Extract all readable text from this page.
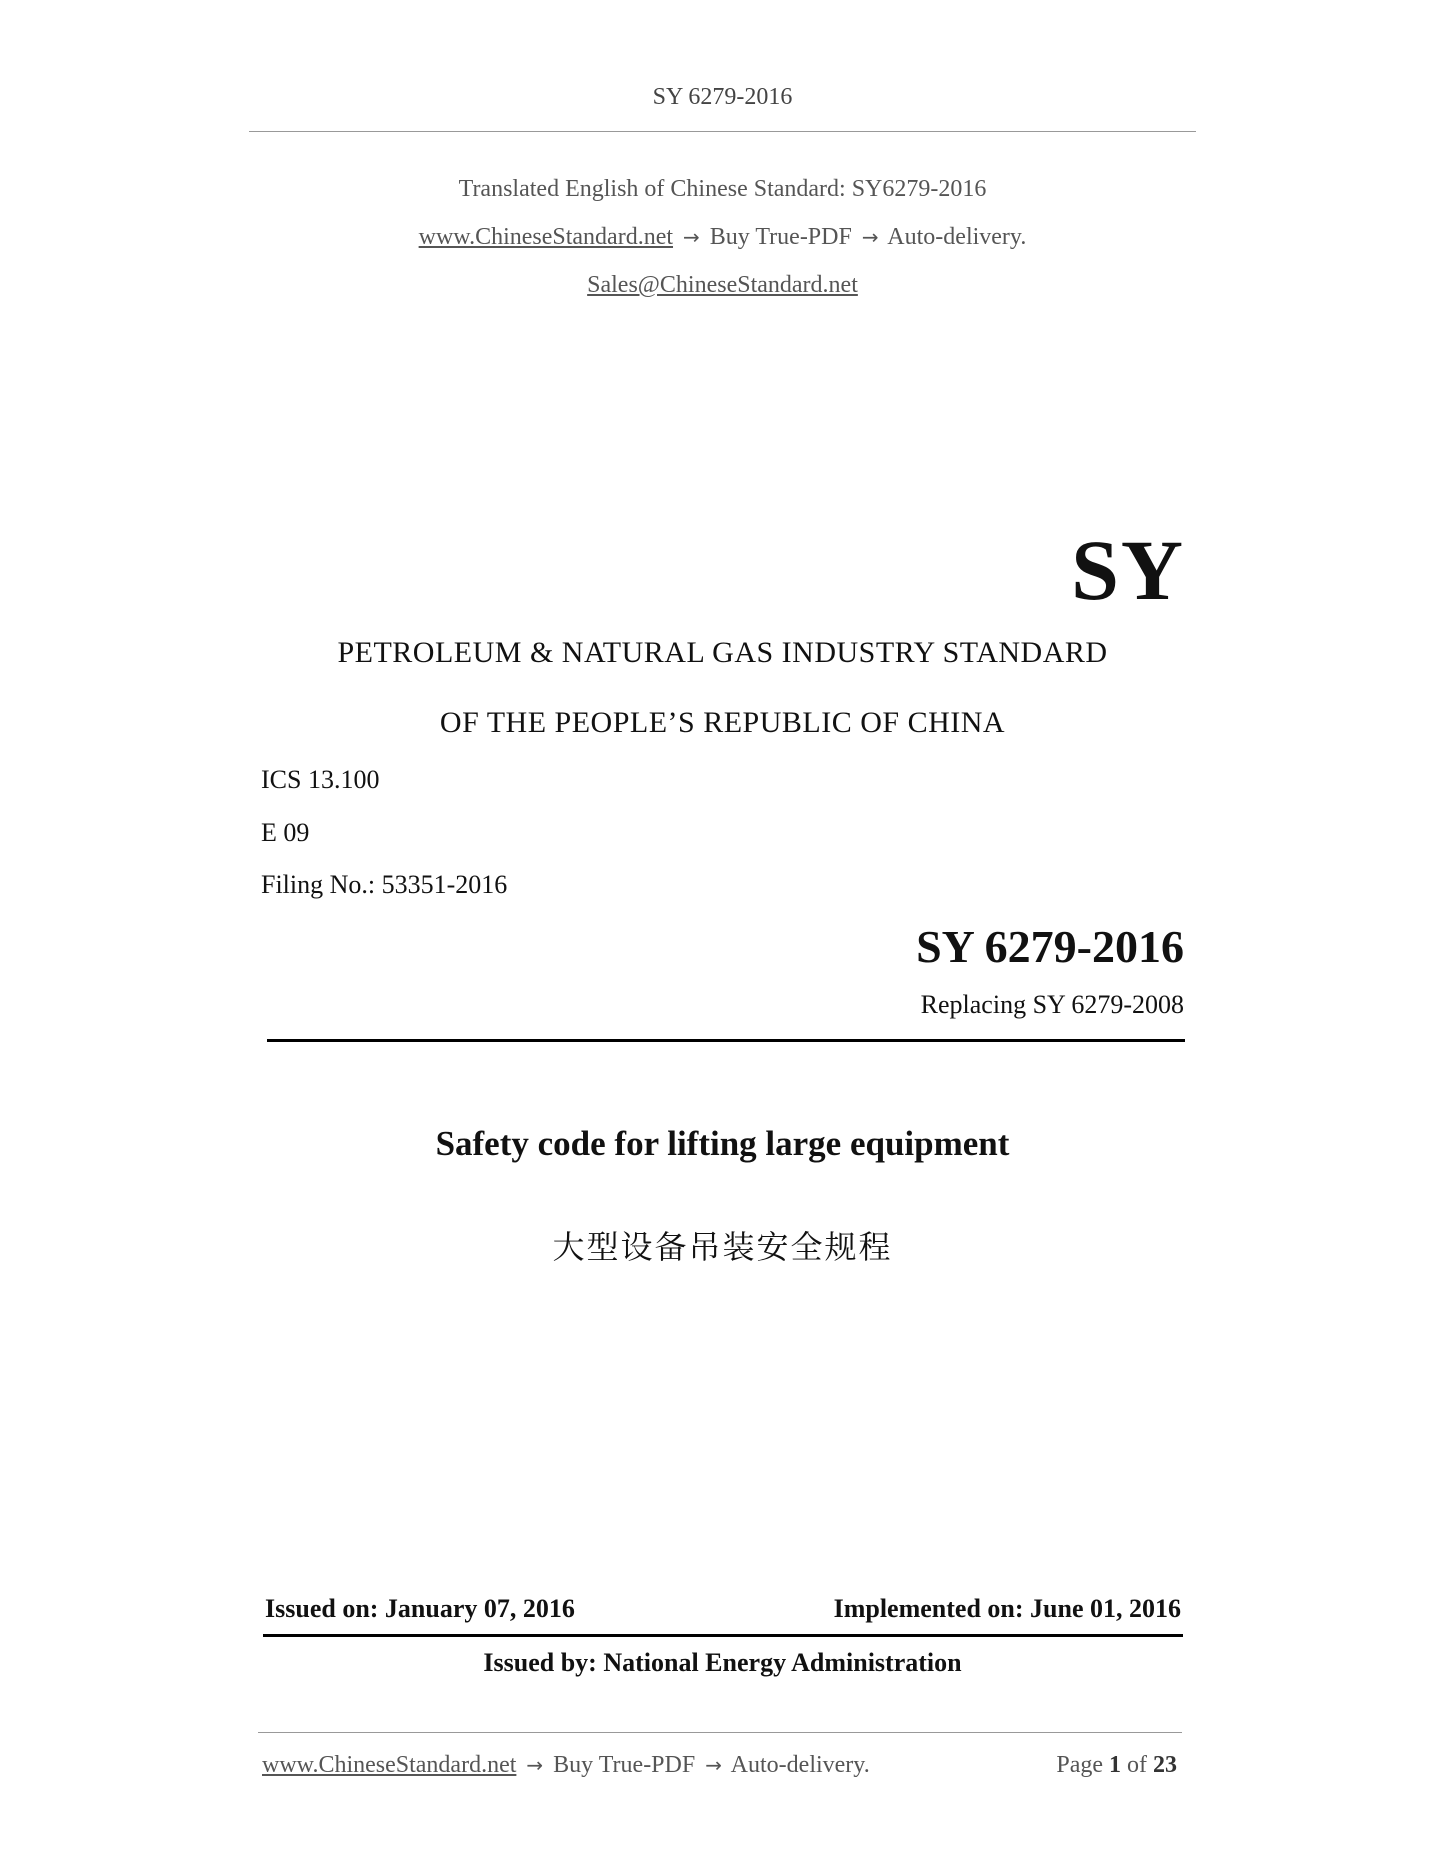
SY 6279-2016
Translated English of Chinese Standard: SY6279-2016
www.ChineseStandard.net → Buy True-PDF → Auto-delivery.
Sales@ChineseStandard.net
SY
PETROLEUM & NATURAL GAS INDUSTRY STANDARD
OF THE PEOPLE’S REPUBLIC OF CHINA
ICS 13.100
E 09
Filing No.: 53351-2016
SY 6279-2016
Replacing SY 6279-2008
Safety code for lifting large equipment
大型设备吊装安全规程
Issued on: January 07, 2016	Implemented on: June 01, 2016
Issued by: National Energy Administration
www.ChineseStandard.net → Buy True-PDF → Auto-delivery.	Page 1 of 23
